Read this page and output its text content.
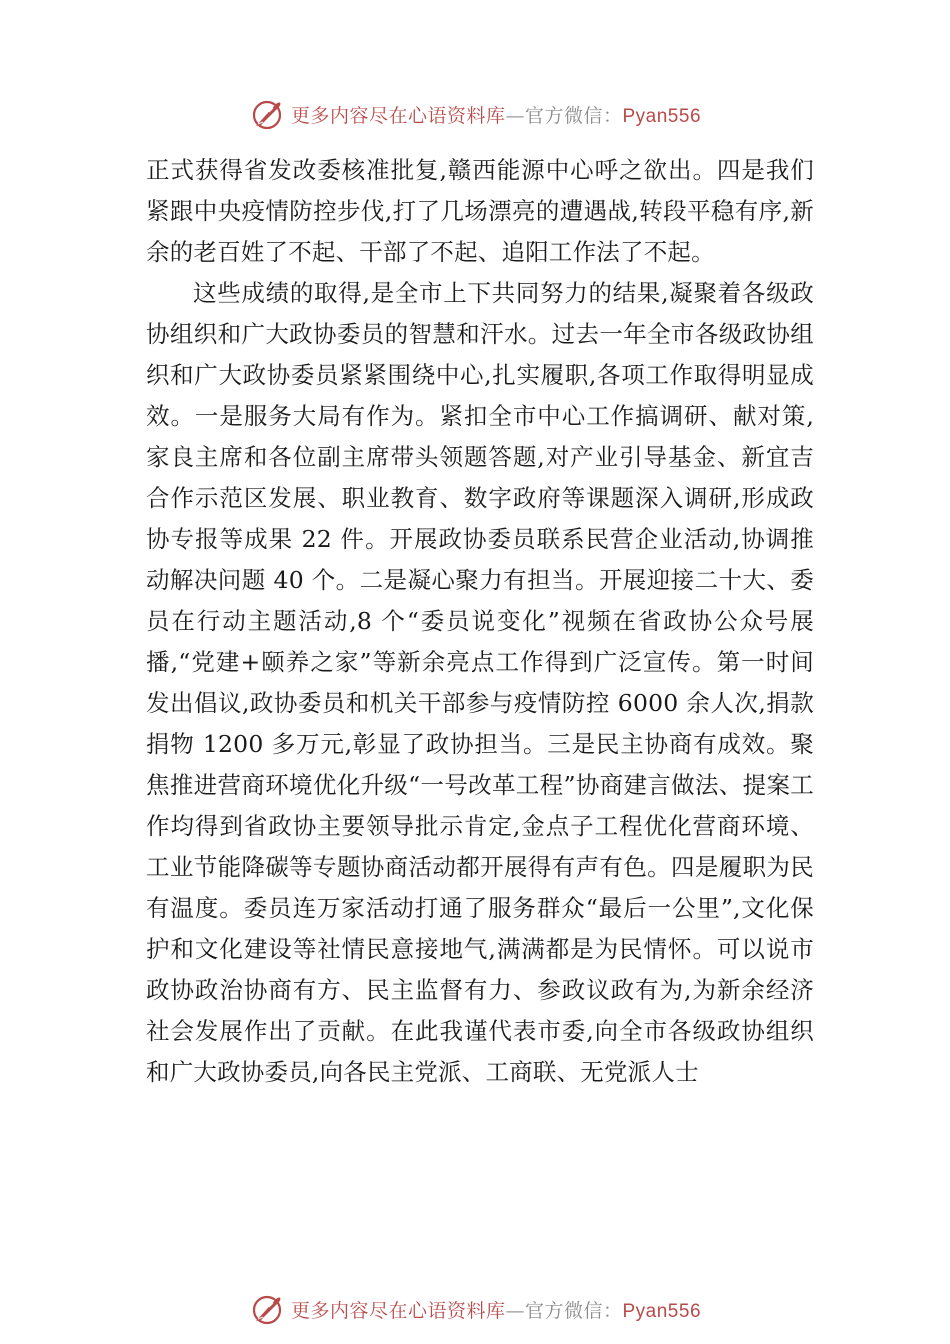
更多内容尽在心语资料库—官方微信：Pyan556

正式获得省发改委核准批复,赣西能源中心呼之欲出。四是我们紧跟中央疫情防控步伐,打了几场漂亮的遭遇战,转段平稳有序,新余的老百姓了不起、干部了不起、追阳工作法了不起。

这些成绩的取得,是全市上下共同努力的结果,凝聚着各级政协组织和广大政协委员的智慧和汗水。过去一年全市各级政协组织和广大政协委员紧紧围绕中心,扎实履职,各项工作取得明显成效。一是服务大局有作为。紧扣全市中心工作搞调研、献对策,家良主席和各位副主席带头领题答题,对产业引导基金、新宜吉合作示范区发展、职业教育、数字政府等课题深入调研,形成政协专报等成果 22 件。开展政协委员联系民营企业活动,协调推动解决问题 40 个。二是凝心聚力有担当。开展迎接二十大、委员在行动主题活动,8 个“委员说变化”视频在省政协公众号展播,“党建+颐养之家”等新余亮点工作得到广泛宣传。第一时间发出倡议,政协委员和机关干部参与疫情防控 6000 余人次,捐款捐物 1200 多万元,彰显了政协担当。三是民主协商有成效。聚焦推进营商环境优化升级“一号改革工程”协商建言做法、提案工作均得到省政协主要领导批示肯定,金点子工程优化营商环境、工业节能降碳等专题协商活动都开展得有声有色。四是履职为民有温度。委员连万家活动打通了服务群众“最后一公里”,文化保护和文化建设等社情民意接地气,满满都是为民情怀。可以说市政协政治协商有方、民主监督有力、参政议政有为,为新余经济社会发展作出了贡献。在此我谨代表市委,向全市各级政协组织和广大政协委员,向各民主党派、工商联、无党派人士

更多内容尽在心语资料库—官方微信：Pyan556
